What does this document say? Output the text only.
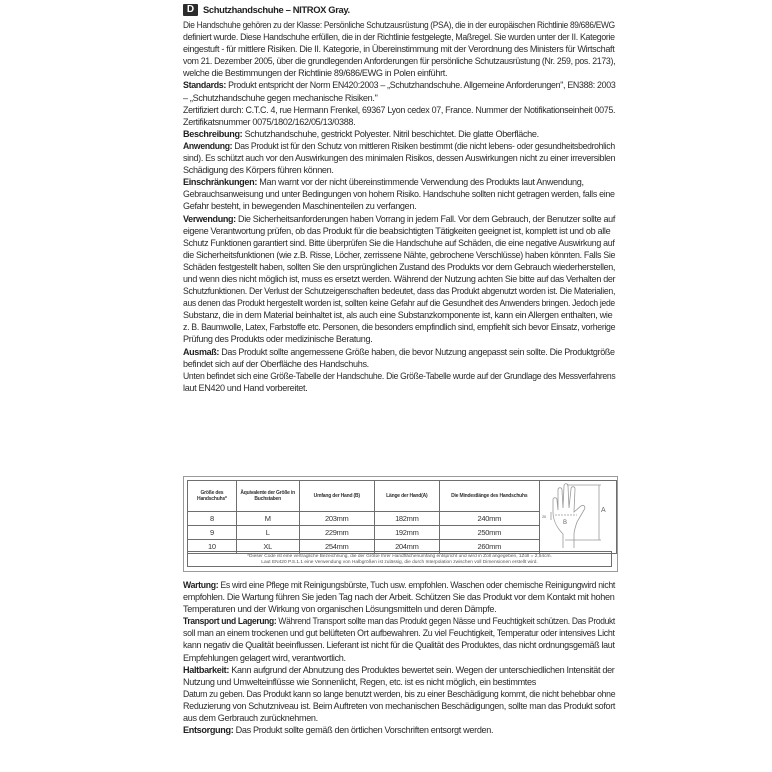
D Schutzhandschuhe – NITROX Gray.

Die Handschuhe gehören zu der Klasse: Persönliche Schutzausrüstung (PSA), die in der europäischen Richtlinie 89/686/EWG

definiert wurde. Diese Handschuhe erfüllen, die in der Richtlinie festgelegte, Maßregel. Sie wurden unter der II. Kategorie

eingestuft - für mittlere Risiken. Die II. Kategorie, in Übereinstimmung mit der Verordnung des Ministers für Wirtschaft

vom 21. Dezember 2005, über die grundlegenden Anforderungen für persönliche Schutzausrüstung (Nr. 259, pos. 2173),

welche die Bestimmungen der Richtlinie 89/686/EWG in Polen einführt.

Standards: Produkt entspricht der Norm EN420:2003 – „Schutzhandschuhe. Allgemeine Anforderungen", EN388: 2003

– „Schutzhandschuhe gegen mechanische Risiken."

Zertifiziert durch: C.T.C. 4, rue Hermann Frenkel, 69367 Lyon cedex 07, France. Nummer der Notifikationseinheit 0075.

Zertifikatsnummer 0075/1802/162/05/13/0388.

Beschreibung: Schutzhandschuhe, gestrickt Polyester. Nitril beschichtet. Die glatte Oberfläche.

Anwendung: Das Produkt ist für den Schutz von mittleren Risiken bestimmt (die nicht lebens- oder gesundheitsbedrohlich

sind). Es schützt auch vor den Auswirkungen des minimalen Risikos, dessen Auswirkungen nicht zu einer irreversiblen

Schädigung des Körpers führen können.

Einschränkungen: Man warnt vor der nicht übereinstimmende Verwendung des Produkts laut Anwendung,

Gebrauchsanweisung und unter Bedingungen von hohem Risiko. Handschuhe sollten nicht getragen werden, falls eine

Gefahr besteht, in bewegenden Maschinenteilen zu verfangen.

Verwendung: Die Sicherheitsanforderungen haben Vorrang in jedem Fall. Vor dem Gebrauch, der Benutzer sollte auf

eigene Verantwortung prüfen, ob das Produkt für die beabsichtigten Tätigkeiten geeignet ist, komplett ist und ob alle

Schutz Funktionen garantiert sind. Bitte überprüfen Sie die Handschuhe auf Schäden, die eine negative Auswirkung auf

die Sicherheitsfunktionen (wie z.B. Risse, Löcher, zerrissene Nähte, gebrochene Verschlüsse) haben könnten. Falls Sie

Schäden festgestellt haben, sollten Sie den ursprünglichen Zustand des Produkts vor dem Gebrauch wiederherstellen,

und wenn dies nicht möglich ist, muss es ersetzt werden. Während der Nutzung achten Sie bitte auf das Verhalten der

Schutzfunktionen. Der Verlust der Schutzeigenschaften bedeutet, dass das Produkt abgenutzt worden ist. Die Materialien,

aus denen das Produkt hergestellt worden ist, sollten keine Gefahr auf die Gesundheit des Anwenders bringen. Jedoch jede

Substanz, die in dem Material beinhaltet ist, als auch eine Substanzkomponente ist, kann ein Allergen enthalten, wie

z. B. Baumwolle, Latex, Farbstoffe etc. Personen, die besonders empfindlich sind, empfiehlt sich bevor Einsatz, vorherige

Prüfung des Produkts oder medizinische Beratung.

Ausmaß: Das Produkt sollte angemessene Größe haben, die bevor Nutzung angepasst sein sollte. Die Produktgröße

befindet sich auf der Oberfläche des Handschuhs.

Unten befindet sich eine Größe-Tabelle der Handschuhe. Die Größe-Tabelle wurde auf der Grundlage des Messverfahrens

laut EN420 und Hand vorbereitet.

Größe des Handschuhs*	Äquivalente der Größe in Buchstaben	Umfang der Hand (B)	Länge der Hand(A)	Die Mindestlänge des Handschuhs	A
B
20

8	M	203mm	182mm	240mm	
9	L	229mm	192mm	250mm	
10	XL	254mm	204mm	260mm	
*Dieser Code ist eine vertragliche Bezeichnung, die der Größe Ihrer Handflächenumfang entspricht und wird in Zoll angegeben, 1Zoll = 2,54cm.
Laut EN420 P.S.1.1 eine Verwendung von Halbgrößen ist zulässig, die durch Interpolation zwischen voll Dimensionen erstellt wird.

Wartung: Es wird eine Pflege mit Reinigungsbürste, Tuch usw. empfohlen. Waschen oder chemische Reinigungwird nicht

empfohlen. Die Wartung führen Sie jeden Tag nach der Arbeit. Schützen Sie das Produkt vor dem Kontakt mit hohen

Temperaturen und der Wirkung von organischen Lösungsmitteln und deren Dämpfe.

Transport und Lagerung: Während Transport sollte man das Produkt gegen Nässe und Feuchtigkeit schützen. Das Produkt

soll man an einem trockenen und gut belüfteten Ort aufbewahren. Zu viel Feuchtigkeit, Temperatur oder intensives Licht

kann negativ die Qualität beeinflussen. Lieferant ist nicht für die Qualität des Produktes, das nicht ordnungsgemäß laut

Empfehlungen gelagert wird, verantwortlich.

Haltbarkeit: Kann aufgrund der Abnutzung des Produktes bewertet sein. Wegen der unterschiedlichen Intensität der

Nutzung und Umwelteinflüsse wie Sonnenlicht, Regen, etc. ist es nicht möglich, ein bestimmtes

Datum zu geben. Das Produkt kann so lange benutzt werden, bis zu einer Beschädigung kommt, die nicht behebbar ohne

Reduzierung von Schutzniveau ist. Beim Auftreten von mechanischen Beschädigungen, sollte man das Produkt sofort

aus dem Gerbrauch zurücknehmen.

Entsorgung: Das Produkt sollte gemäß den örtlichen Vorschriften entsorgt werden.
